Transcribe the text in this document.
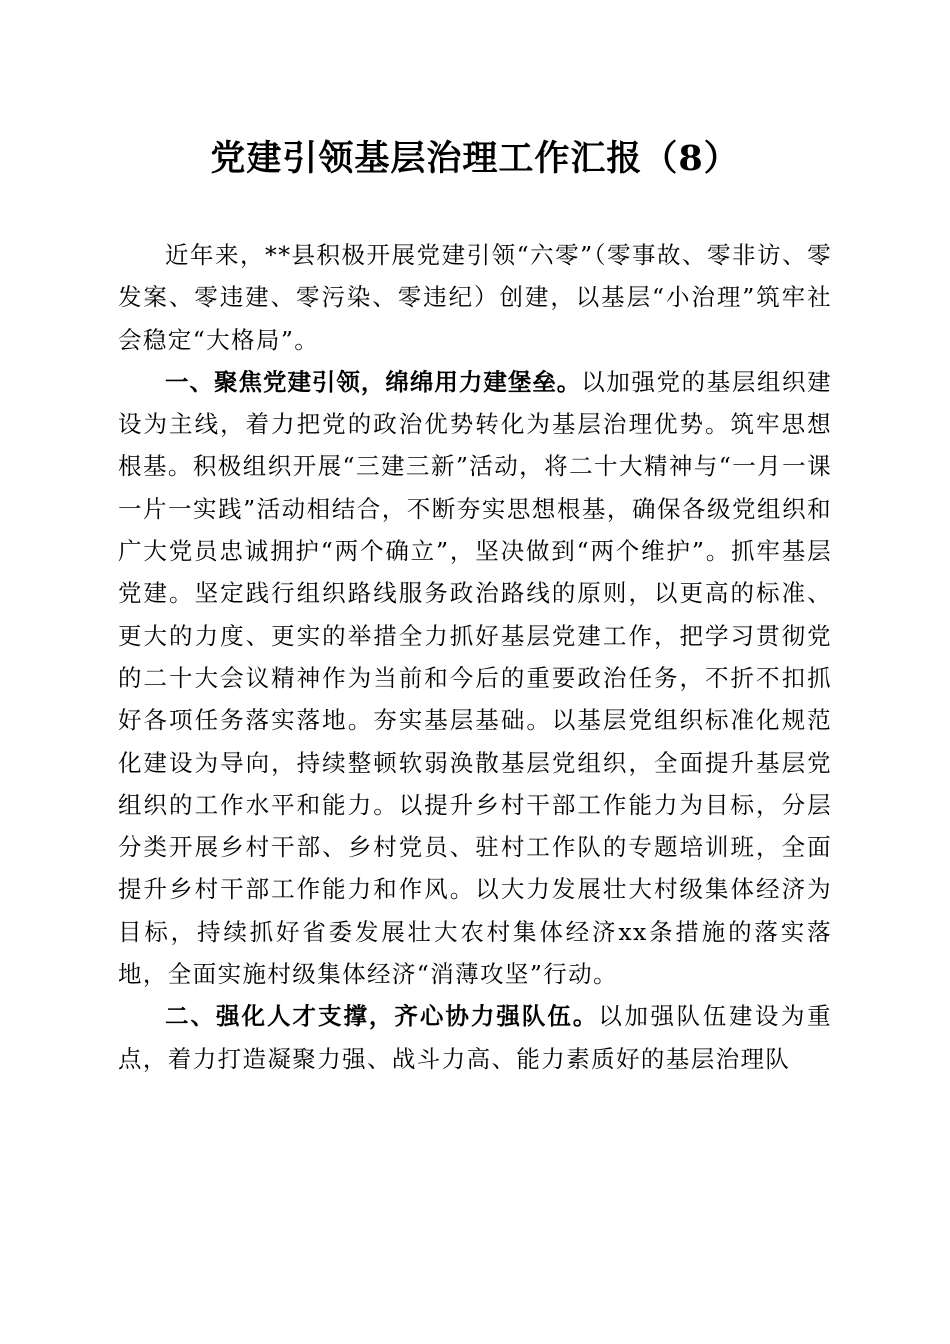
党建引领基层治理工作汇报（8）

近年来，**县积极开展党建引领“六零”（零事故、零非访、零发案、零违建、零污染、零违纪）创建，以基层“小治理”筑牢社会稳定“大格局”。

一、聚焦党建引领，绵绵用力建堡垒。以加强党的基层组织建设为主线，着力把党的政治优势转化为基层治理优势。筑牢思想根基。积极组织开展“三建三新”活动，将二十大精神与“一月一课一片一实践”活动相结合，不断夯实思想根基，确保各级党组织和广大党员忠诚拥护“两个确立”，坚决做到“两个维护”。抓牢基层党建。坚定践行组织路线服务政治路线的原则，以更高的标准、更大的力度、更实的举措全力抓好基层党建工作，把学习贯彻党的二十大会议精神作为当前和今后的重要政治任务，不折不扣抓好各项任务落实落地。夯实基层基础。以基层党组织标准化规范化建设为导向，持续整顿软弱涣散基层党组织，全面提升基层党组织的工作水平和能力。以提升乡村干部工作能力为目标，分层分类开展乡村干部、乡村党员、驻村工作队的专题培训班，全面提升乡村干部工作能力和作风。以大力发展壮大村级集体经济为目标，持续抓好省委发展壮大农村集体经济xx条措施的落实落地，全面实施村级集体经济“消薄攻坚”行动。

二、强化人才支撑，齐心协力强队伍。以加强队伍建设为重点，着力打造凝聚力强、战斗力高、能力素质好的基层治理队
